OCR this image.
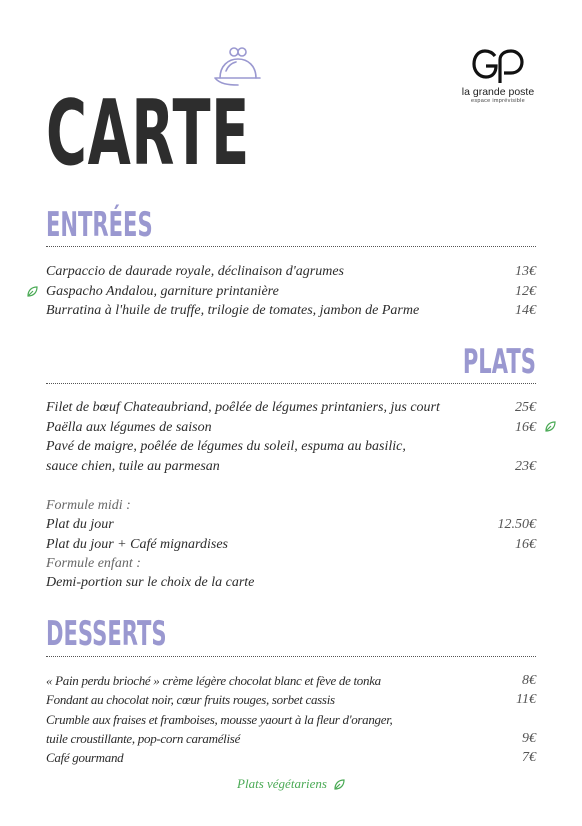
la grande poste
espace imprévisible
CARTE
ENTRÉES
Carpaccio de daurade royale, déclinaison d'agrumes	13€
Gaspacho Andalou, garniture printanière	12€
Burratina à l'huile de truffe, trilogie de tomates, jambon de Parme	14€
PLATS
Filet de bœuf Chateaubriand, poêlée de légumes printaniers, jus court	25€
Paëlla aux légumes de saison	16€
Pavé de maigre, poêlée de légumes du soleil, espuma au basilic,
sauce chien, tuile au parmesan	23€
Formule midi :
Plat du jour	12.50€
Plat du jour + Café mignardises	16€
Formule enfant :
Demi-portion sur le choix de la carte
DESSERTS
« Pain perdu brioché » crème légère chocolat blanc et fève de tonka	8€
Fondant au chocolat noir, cœur fruits rouges, sorbet cassis	11€
Crumble aux fraises et framboises, mousse yaourt à la fleur d'oranger,
tuile croustillante, pop-corn caramélisé	9€
Café gourmand	7€
Plats végétariens
